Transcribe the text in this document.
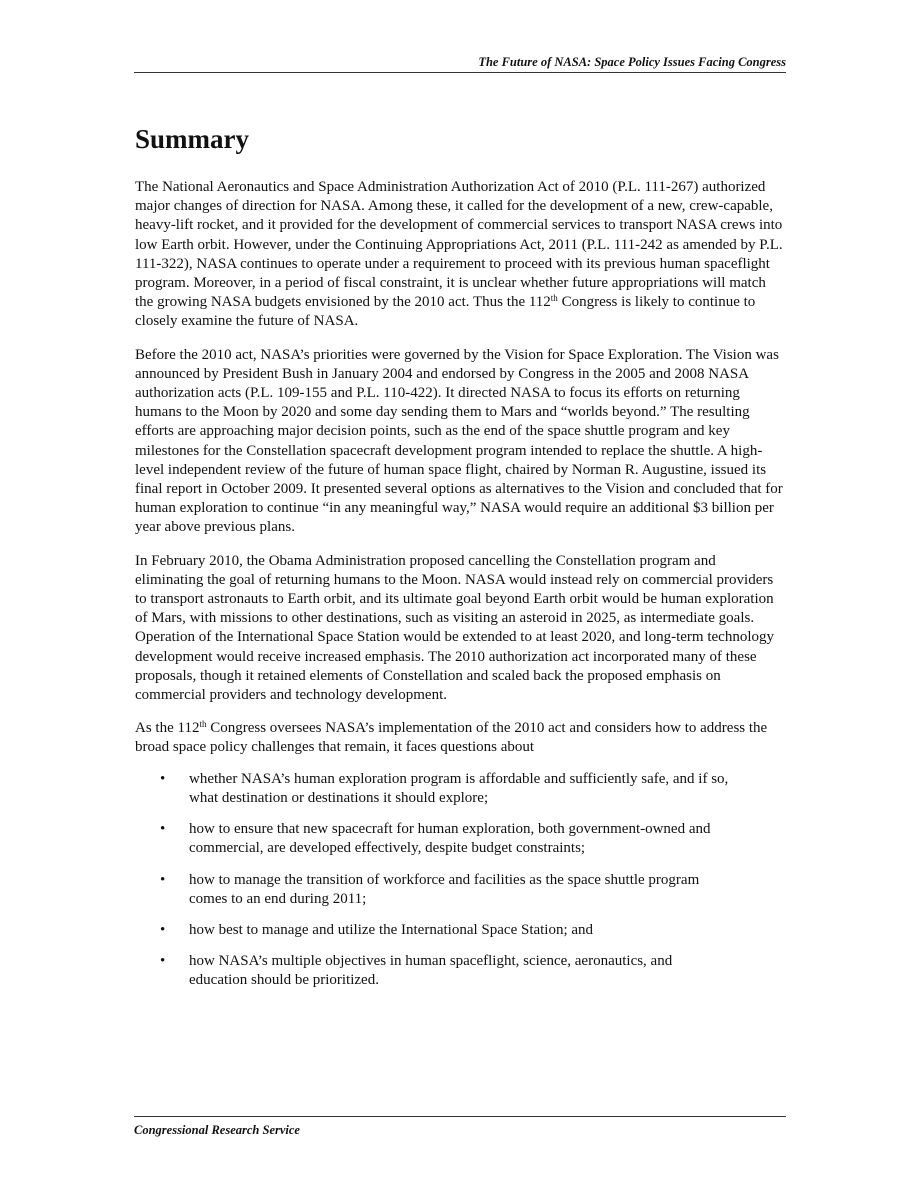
The Future of NASA: Space Policy Issues Facing Congress
Summary

The National Aeronautics and Space Administration Authorization Act of 2010 (P.L. 111-267) authorized major changes of direction for NASA. Among these, it called for the development of a new, crew-capable, heavy-lift rocket, and it provided for the development of commercial services to transport NASA crews into low Earth orbit. However, under the Continuing Appropriations Act, 2011 (P.L. 111-242 as amended by P.L. 111-322), NASA continues to operate under a requirement to proceed with its previous human spaceflight program. Moreover, in a period of fiscal constraint, it is unclear whether future appropriations will match the growing NASA budgets envisioned by the 2010 act. Thus the 112th Congress is likely to continue to closely examine the future of NASA.

Before the 2010 act, NASA’s priorities were governed by the Vision for Space Exploration. The Vision was announced by President Bush in January 2004 and endorsed by Congress in the 2005 and 2008 NASA authorization acts (P.L. 109-155 and P.L. 110-422). It directed NASA to focus its efforts on returning humans to the Moon by 2020 and some day sending them to Mars and “worlds beyond.” The resulting efforts are approaching major decision points, such as the end of the space shuttle program and key milestones for the Constellation spacecraft development program intended to replace the shuttle. A high-level independent review of the future of human space flight, chaired by Norman R. Augustine, issued its final report in October 2009. It presented several options as alternatives to the Vision and concluded that for human exploration to continue “in any meaningful way,” NASA would require an additional $3 billion per year above previous plans.

In February 2010, the Obama Administration proposed cancelling the Constellation program and eliminating the goal of returning humans to the Moon. NASA would instead rely on commercial providers to transport astronauts to Earth orbit, and its ultimate goal beyond Earth orbit would be human exploration of Mars, with missions to other destinations, such as visiting an asteroid in 2025, as intermediate goals. Operation of the International Space Station would be extended to at least 2020, and long-term technology development would receive increased emphasis. The 2010 authorization act incorporated many of these proposals, though it retained elements of Constellation and scaled back the proposed emphasis on commercial providers and technology development.

As the 112th Congress oversees NASA’s implementation of the 2010 act and considers how to address the broad space policy challenges that remain, it faces questions about

• whether NASA’s human exploration program is affordable and sufficiently safe, and if so, what destination or destinations it should explore;
• how to ensure that new spacecraft for human exploration, both government-owned and commercial, are developed effectively, despite budget constraints;
• how to manage the transition of workforce and facilities as the space shuttle program comes to an end during 2011;
• how best to manage and utilize the International Space Station; and
• how NASA’s multiple objectives in human spaceflight, science, aeronautics, and education should be prioritized.
Congressional Research Service
